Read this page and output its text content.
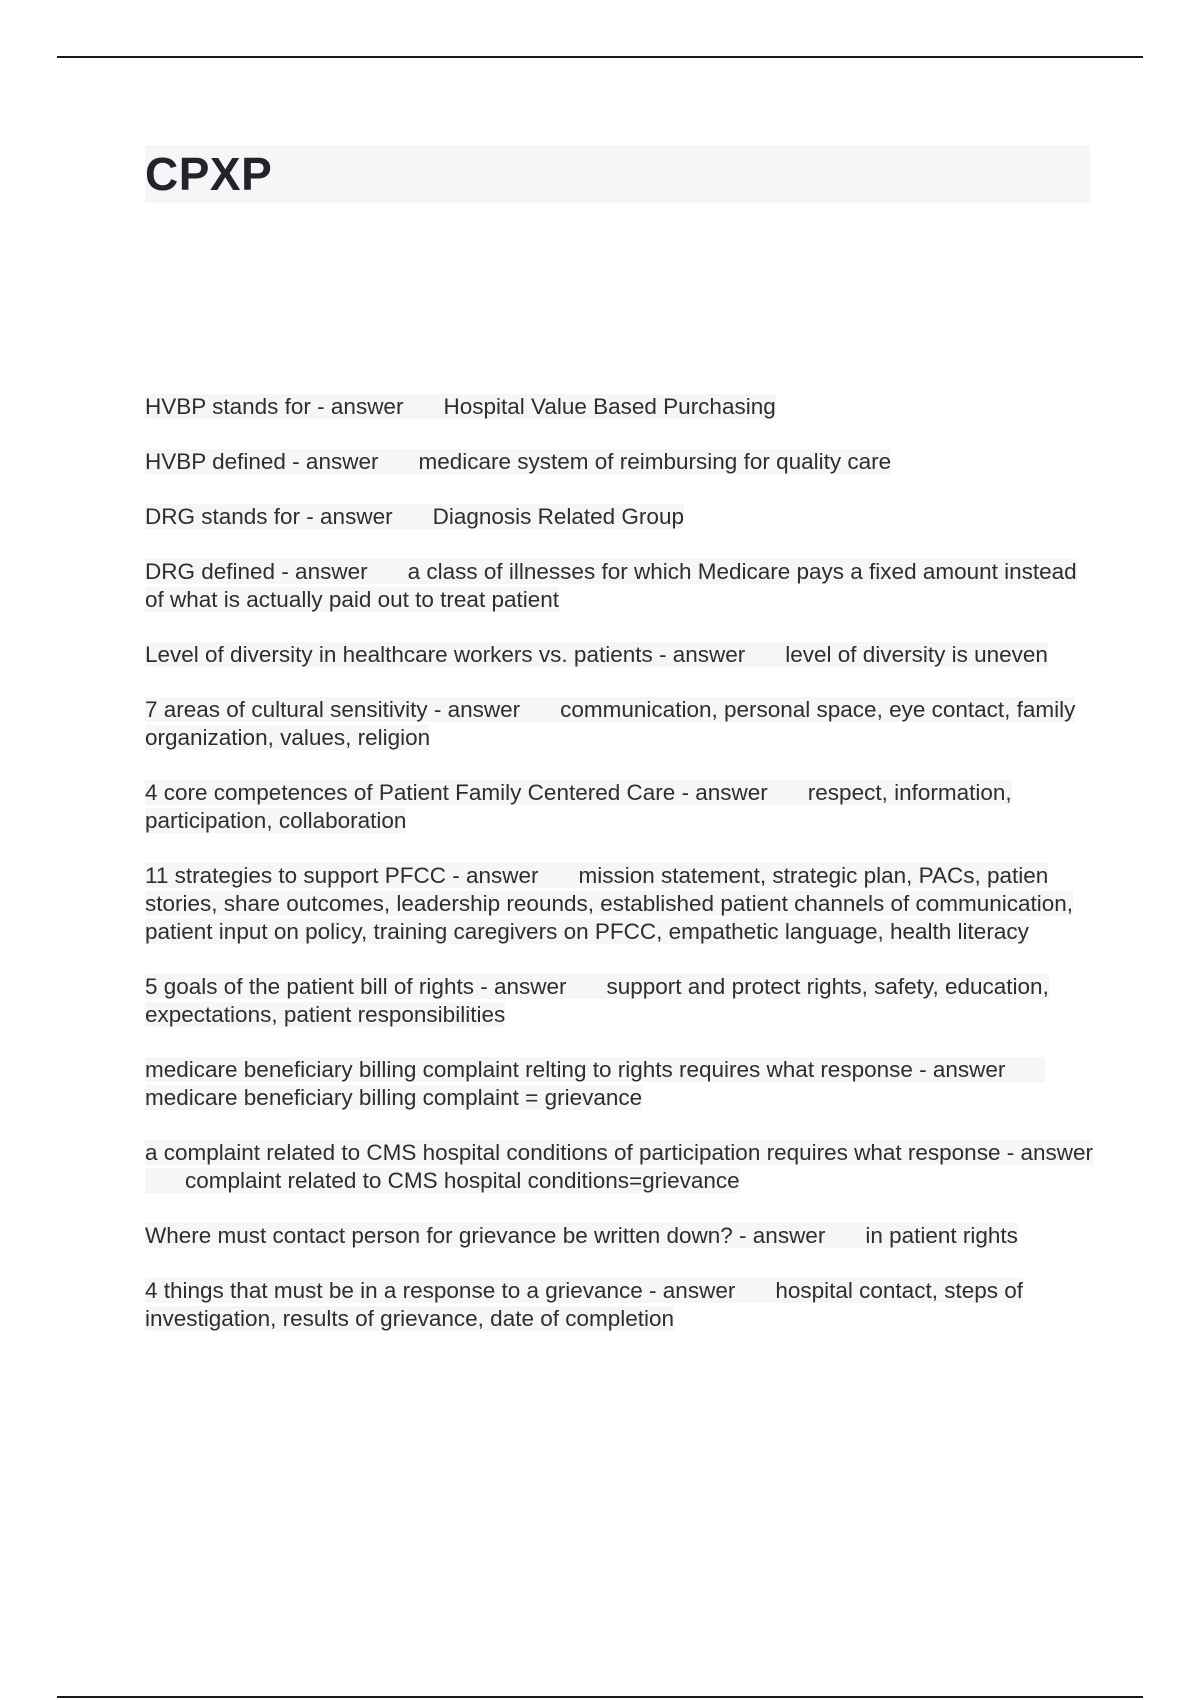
CPXP
HVBP stands for - answer Hospital Value Based Purchasing
HVBP defined - answer medicare system of reimbursing for quality care
DRG stands for - answer Diagnosis Related Group
DRG defined - answer a class of illnesses for which Medicare pays a fixed amount instead of what is actually paid out to treat patient
Level of diversity in healthcare workers vs. patients - answer level of diversity is uneven
7 areas of cultural sensitivity - answer communication, personal space, eye contact, family organization, values, religion
4 core competences of Patient Family Centered Care - answer respect, information, participation, collaboration
11 strategies to support PFCC - answer mission statement, strategic plan, PACs, patien stories, share outcomes, leadership reounds, established patient channels of communication, patient input on policy, training caregivers on PFCC, empathetic language, health literacy
5 goals of the patient bill of rights - answer support and protect rights, safety, education, expectations, patient responsibilities
medicare beneficiary billing complaint relting to rights requires what response - answermedicare beneficiary billing complaint = grievance
a complaint related to CMS hospital conditions of participation requires what response - answercomplaint related to CMS hospital conditions=grievance
Where must contact person for grievance be written down? - answer in patient rights
4 things that must be in a response to a grievance - answer hospital contact, steps of investigation, results of grievance, date of completion
